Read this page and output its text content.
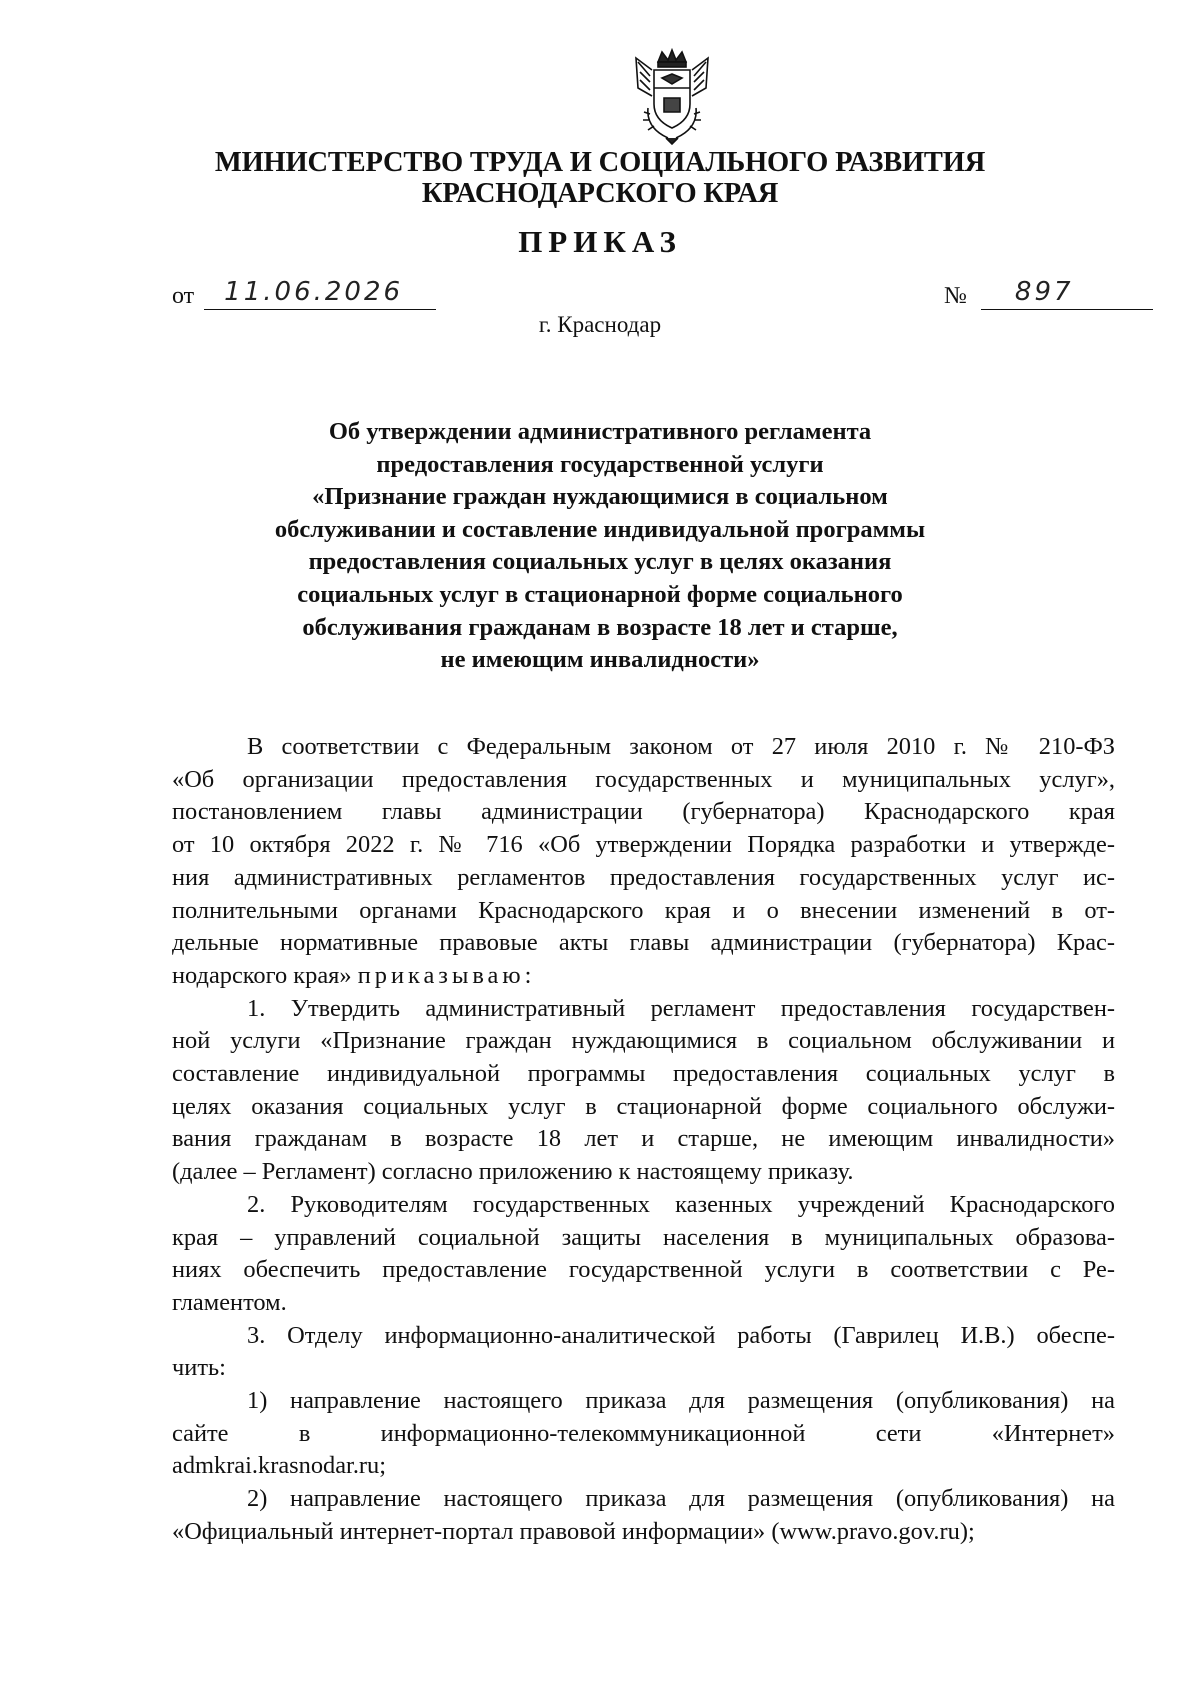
МИНИСТЕРСТВО ТРУДА И СОЦИАЛЬНОГО РАЗВИТИЯ
КРАСНОДАРСКОГО КРАЯ
ПРИКАЗ
от 11.06.2026	№ 897
г. Краснодар
Об утверждении административного регламента
предоставления государственной услуги
«Признание граждан нуждающимися в социальном
обслуживании и составление индивидуальной программы
предоставления социальных услуг в целях оказания
социальных услуг в стационарной форме социального
обслуживания гражданам в возрасте 18 лет и старше,
не имеющим инвалидности»
В соответствии с Федеральным законом от 27 июля 2010 г. № 210-ФЗ
«Об организации предоставления государственных и муниципальных услуг»,
постановлением главы администрации (губернатора) Краснодарского края
от 10 октября 2022 г. № 716 «Об утверждении Порядка разработки и утвержде-
ния административных регламентов предоставления государственных услуг ис-
полнительными органами Краснодарского края и о внесении изменений в от-
дельные нормативные правовые акты главы администрации (губернатора) Крас-
нодарского края» приказываю:
1. Утвердить административный регламент предоставления государствен-
ной услуги «Признание граждан нуждающимися в социальном обслуживании и
составление индивидуальной программы предоставления социальных услуг в
целях оказания социальных услуг в стационарной форме социального обслужи-
вания гражданам в возрасте 18 лет и старше, не имеющим инвалидности»
(далее – Регламент) согласно приложению к настоящему приказу.
2. Руководителям государственных казенных учреждений Краснодарского
края – управлений социальной защиты населения в муниципальных образова-
ниях обеспечить предоставление государственной услуги в соответствии с Ре-
гламентом.
3. Отделу информационно-аналитической работы (Гаврилец И.В.) обеспе-
чить:
1) направление настоящего приказа для размещения (опубликования) на
сайте в информационно-телекоммуникационной сети «Интернет»
admkrai.krasnodar.ru;
2) направление настоящего приказа для размещения (опубликования) на
«Официальный интернет-портал правовой информации» (www.pravo.gov.ru);
